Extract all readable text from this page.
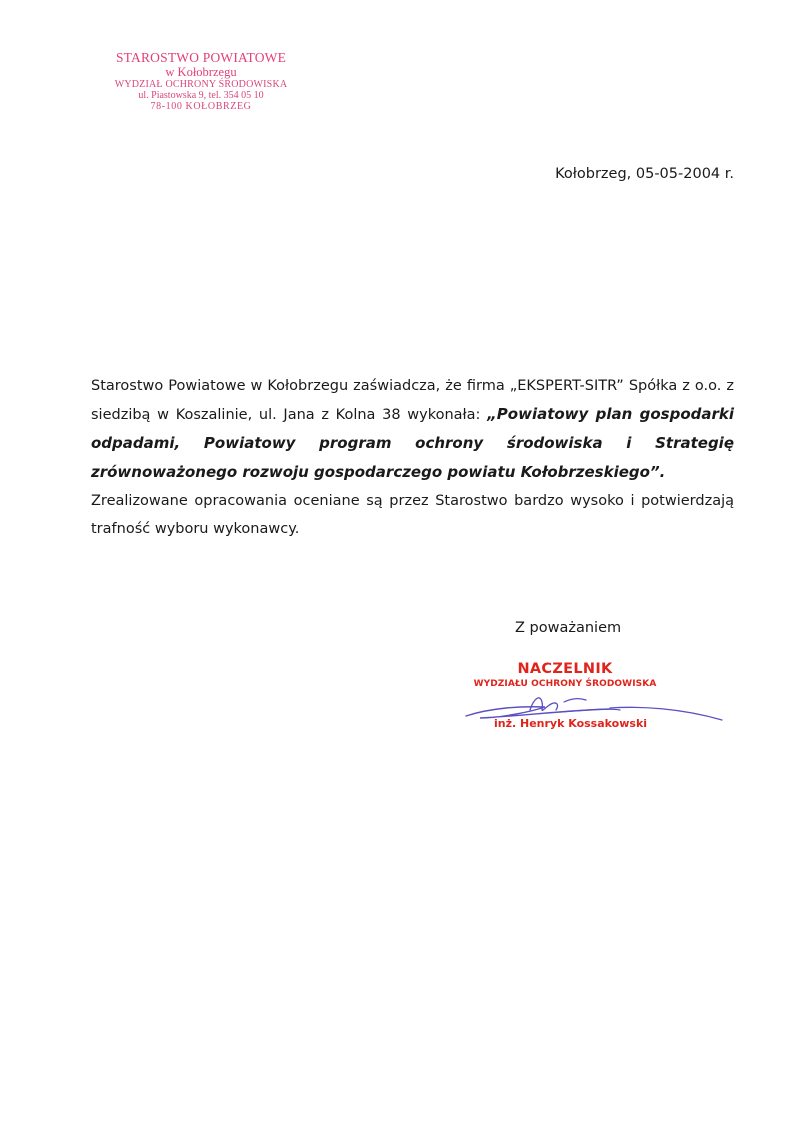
STAROSTWO POWIATOWE
w Kołobrzegu
WYDZIAŁ OCHRONY ŚRODOWISKA
ul. Piastowska 9, tel. 354 05 10
78-100 KOŁOBRZEG
Kołobrzeg, 05-05-2004 r.

Starostwo Powiatowe w Kołobrzegu zaświadcza, że firma „EKSPERT-SITR” Spółka z o.o. z siedzibą w Koszalinie, ul. Jana z Kolna 38 wykonała: „Powiatowy plan gospodarki odpadami, Powiatowy program ochrony środowiska i Strategię zrównoważonego rozwoju gospodarczego powiatu Kołobrzeskiego”.

Zrealizowane opracowania oceniane są przez Starostwo bardzo wysoko i potwierdzają trafność wyboru wykonawcy.

Z poważaniem
NACZELNIK
WYDZIAŁU OCHRONY ŚRODOWISKA
inż. Henryk Kossakowski
